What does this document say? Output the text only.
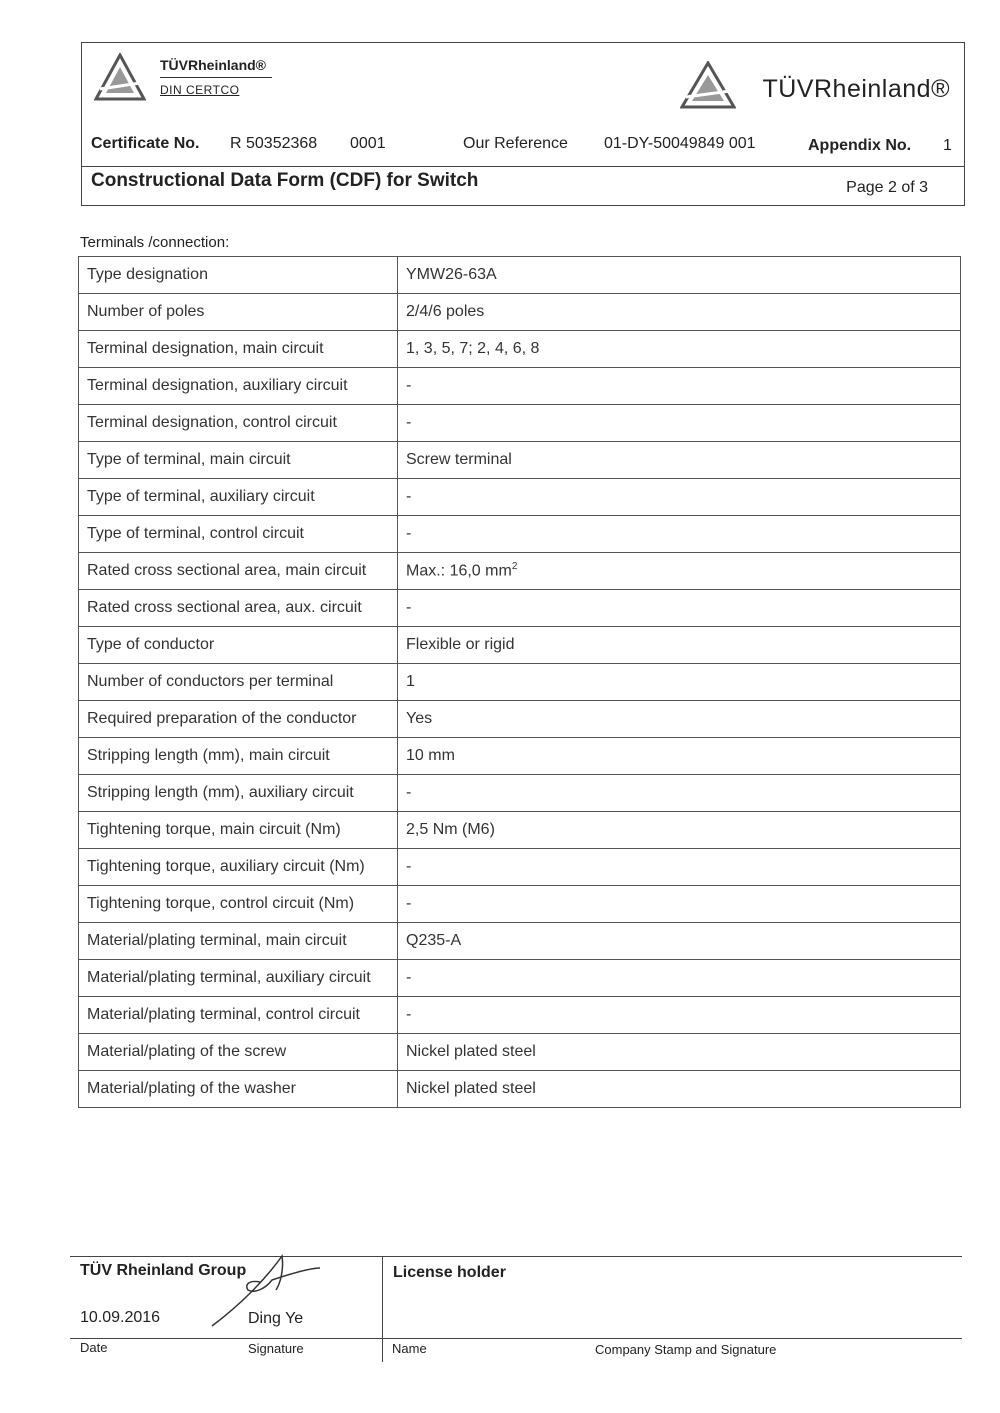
TÜVRheinland®
DIN CERTCO	TÜVRheinland®
Certificate No. R 50352368 0001	Our Reference 01-DY-50049849 001	Appendix No. 1
Constructional Data Form (CDF) for Switch	Page 2 of 3
Terminals /connection:
Type designation	YMW26-63A
Number of poles	2/4/6 poles
Terminal designation, main circuit	1, 3, 5, 7; 2, 4, 6, 8
Terminal designation, auxiliary circuit	-
Terminal designation, control circuit	-
Type of terminal, main circuit	Screw terminal
Type of terminal, auxiliary circuit	-
Type of terminal, control circuit	-
Rated cross sectional area, main circuit	Max.: 16,0 $mm^2$
Rated cross sectional area, aux. circuit	-
Type of conductor	Flexible or rigid
Number of conductors per terminal	1
Required preparation of the conductor	Yes
Stripping length (mm), main circuit	10 mm
Stripping length (mm), auxiliary circuit	-
Tightening torque, main circuit (Nm)	2,5 Nm (M6)
Tightening torque, auxiliary circuit (Nm)	-
Tightening torque, control circuit (Nm)	-
Material/plating terminal, main circuit	Q235-A
Material/plating terminal, auxiliary circuit	-
Material/plating terminal, control circuit	-
Material/plating of the screw	Nickel plated steel
Material/plating of the washer	Nickel plated steel
TÜV Rheinland Group
10.09.2016	Ding Ye
License holder
Date	Signature	Name	Company Stamp and Signature
